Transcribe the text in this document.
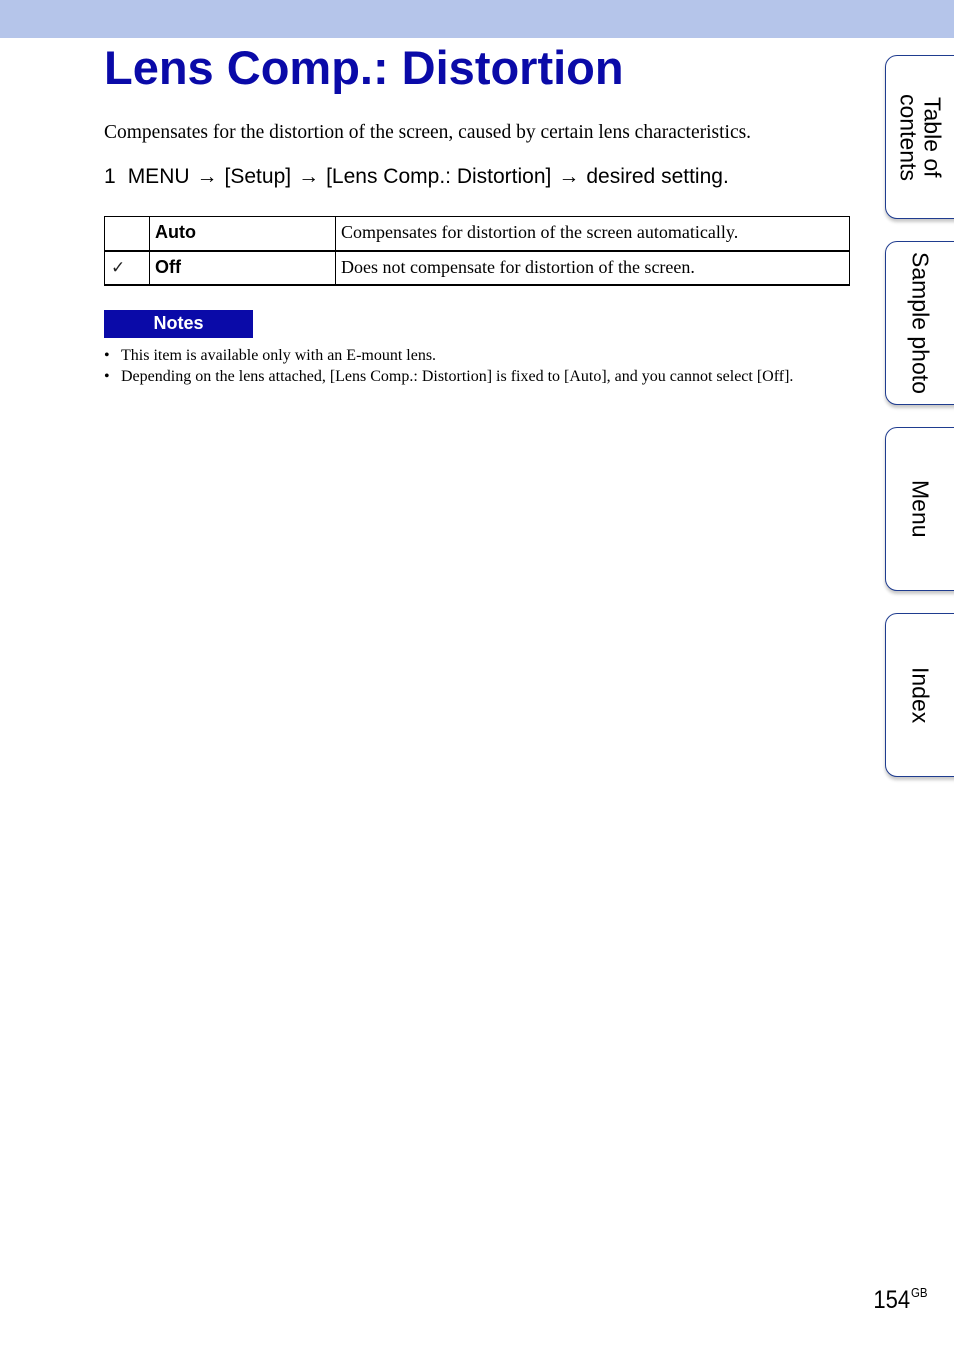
Lens Comp.: Distortion

Compensates for the distortion of the screen, caused by certain lens characteristics.

1 MENU → [Setup] → [Lens Comp.: Distortion] → desired setting.
	Auto	Compensates for distortion of the screen automatically.
✓	Off	Does not compensate for distortion of the screen.
Notes
• This item is available only with an E-mount lens.
• Depending on the lens attached, [Lens Comp.: Distortion] is fixed to [Auto], and you cannot select [Off].
Table of contents
Sample photo
Menu
Index
$154^{GB}$
